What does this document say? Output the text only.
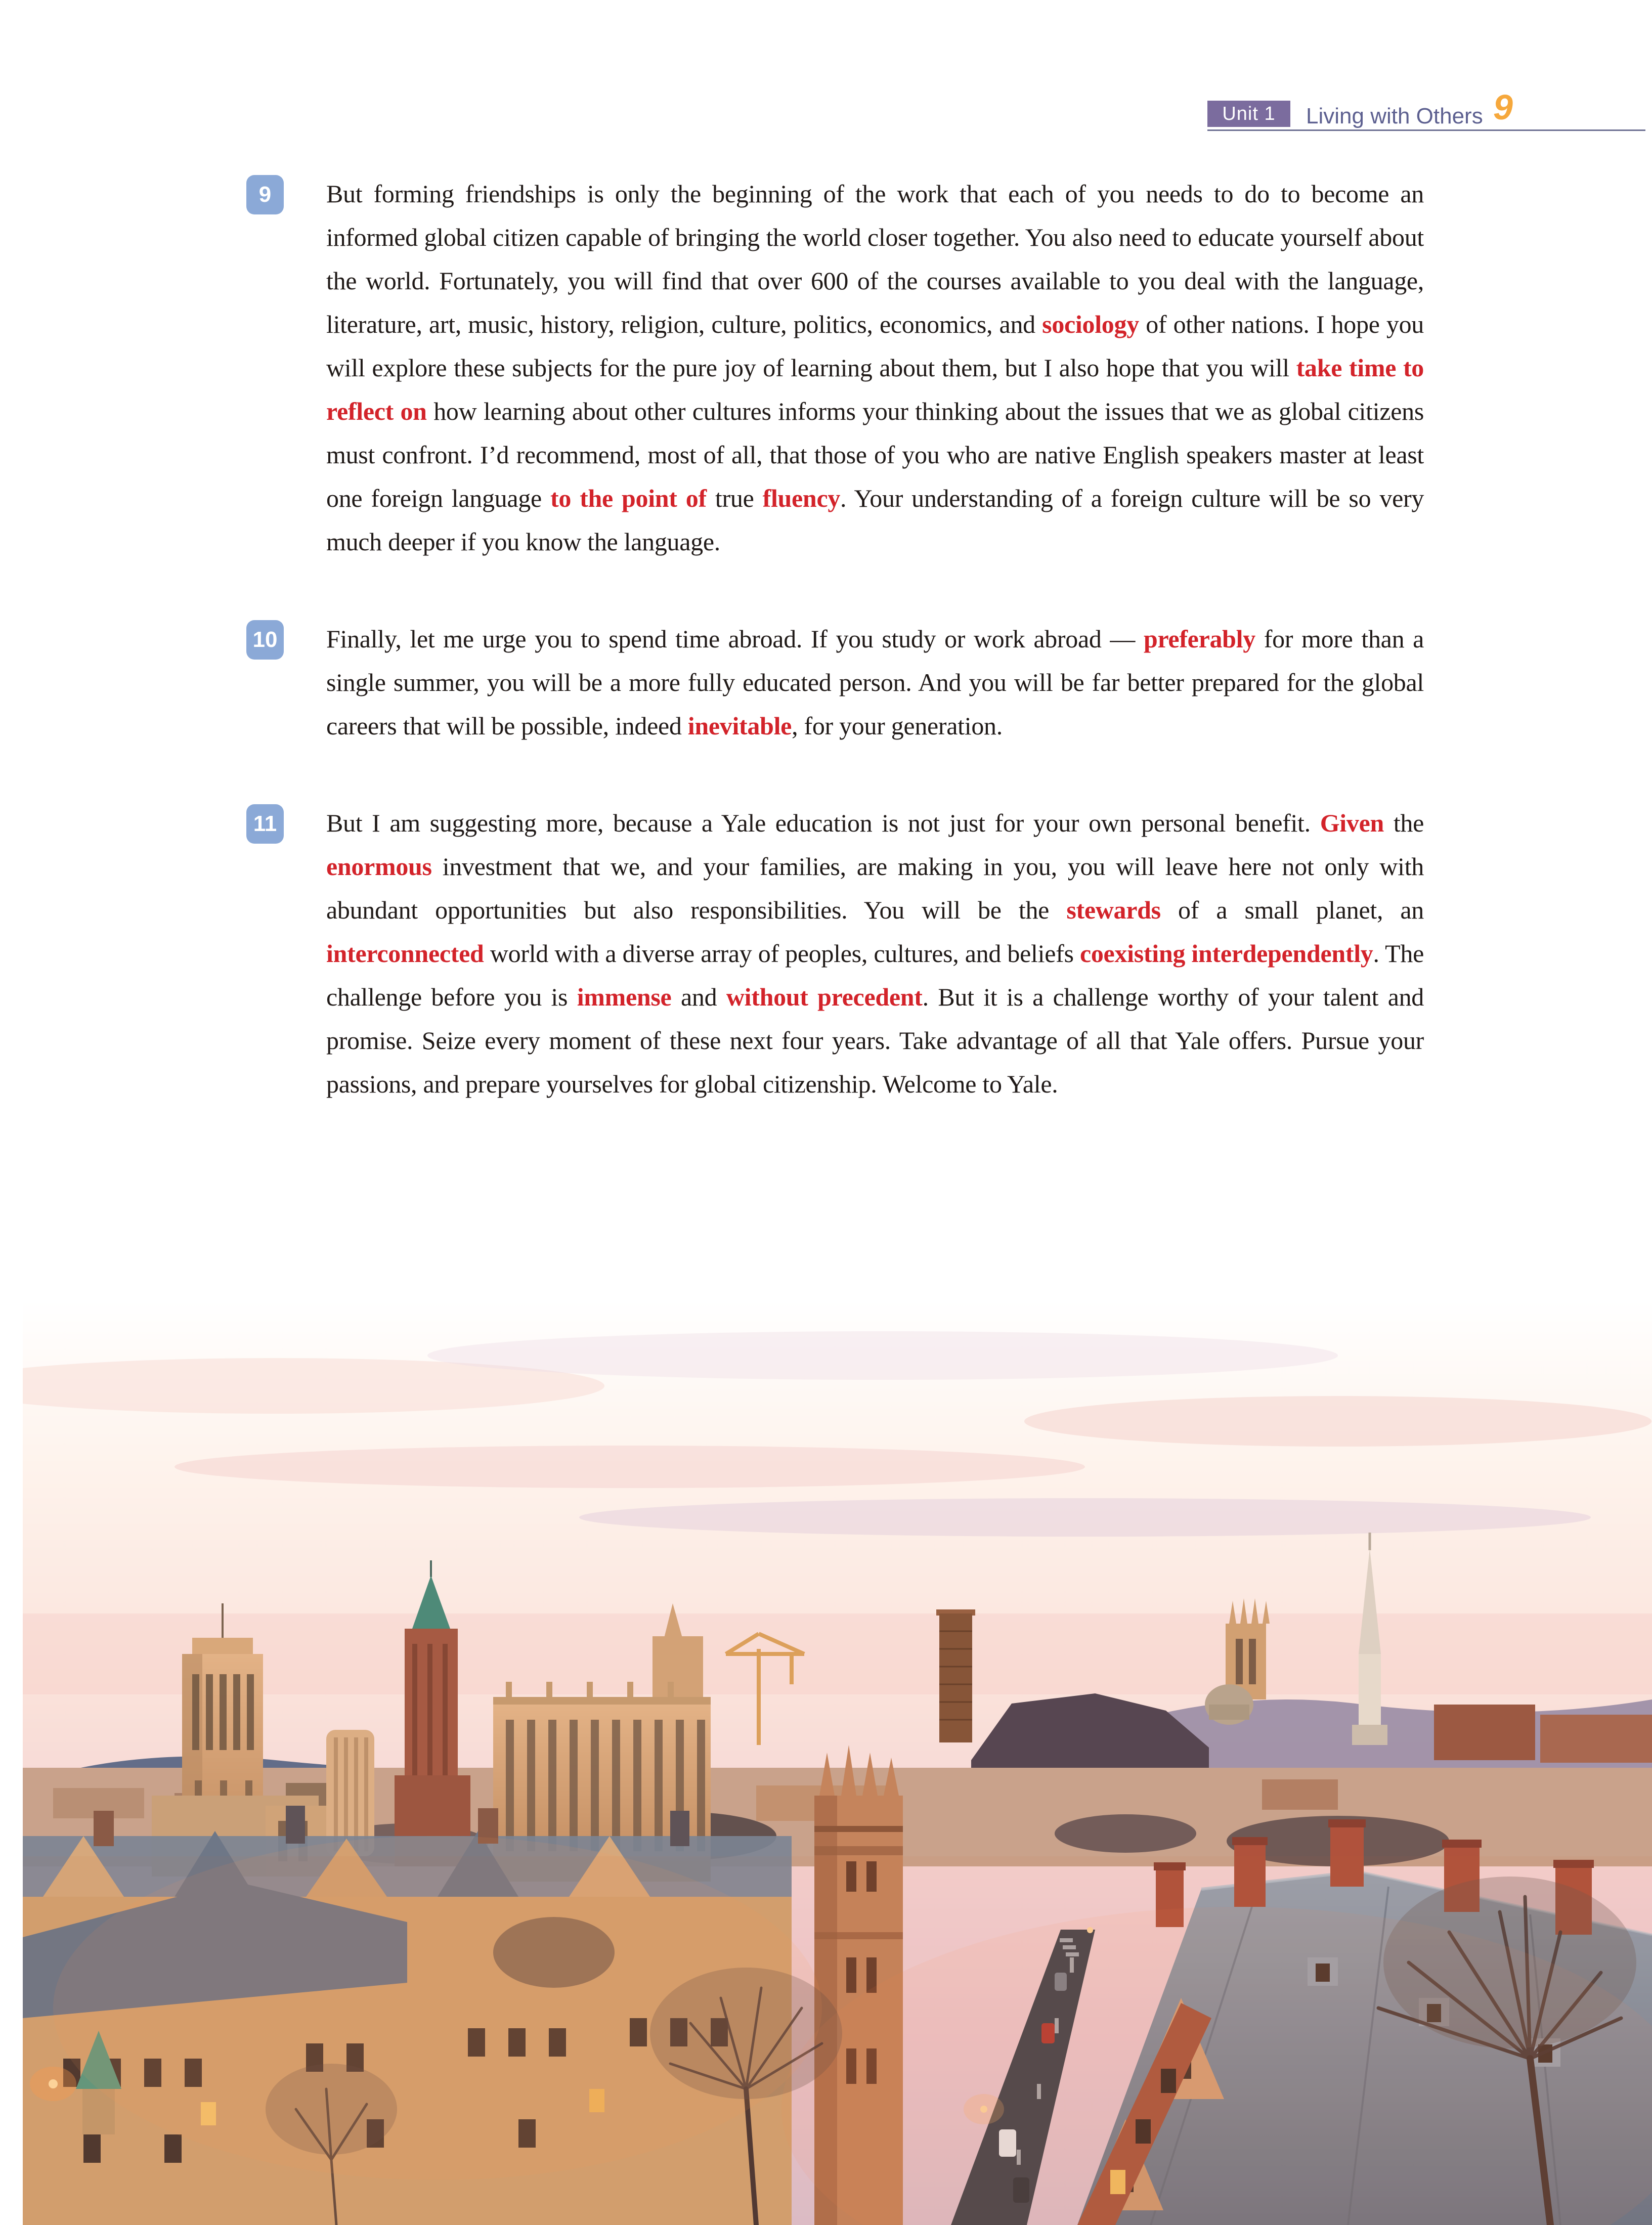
Unit 1	Living with Others 9
9	But forming friendships is only the beginning of the work that each of you needs to do to become an informed global citizen capable of bringing the world closer together. You also need to educate yourself about the world. Fortunately, you will find that over 600 of the courses available to you deal with the language, literature, art, music, history, religion, culture, politics, economics, and sociology of other nations. I hope you will explore these subjects for the pure joy of learning about them, but I also hope that you will take time to reflect on how learning about other cultures informs your thinking about the issues that we as global citizens must confront. I’d recommend, most of all, that those of you who are native English speakers master at least one foreign language to the point of true fluency. Your understanding of a foreign culture will be so very much deeper if you know the language.

10 Finally, let me urge you to spend time abroad. If you study or work abroad — preferably for more than a single summer, you will be a more fully educated person. And you will be far better prepared for the global careers that will be possible, indeed inevitable, for your generation.

11 But I am suggesting more, because a Yale education is not just for your own personal benefit. Given the enormous investment that we, and your families, are making in you, you will leave here not only with abundant opportunities but also responsibilities. You will be the stewards of a small planet, an interconnected world with a diverse array of peoples, cultures, and beliefs coexisting interdependently. The challenge before you is immense and without precedent. But it is a challenge worthy of your talent and promise. Seize every moment of these next four years. Take advantage of all that Yale offers. Pursue your passions, and prepare yourselves for global citizenship. Welcome to Yale.
